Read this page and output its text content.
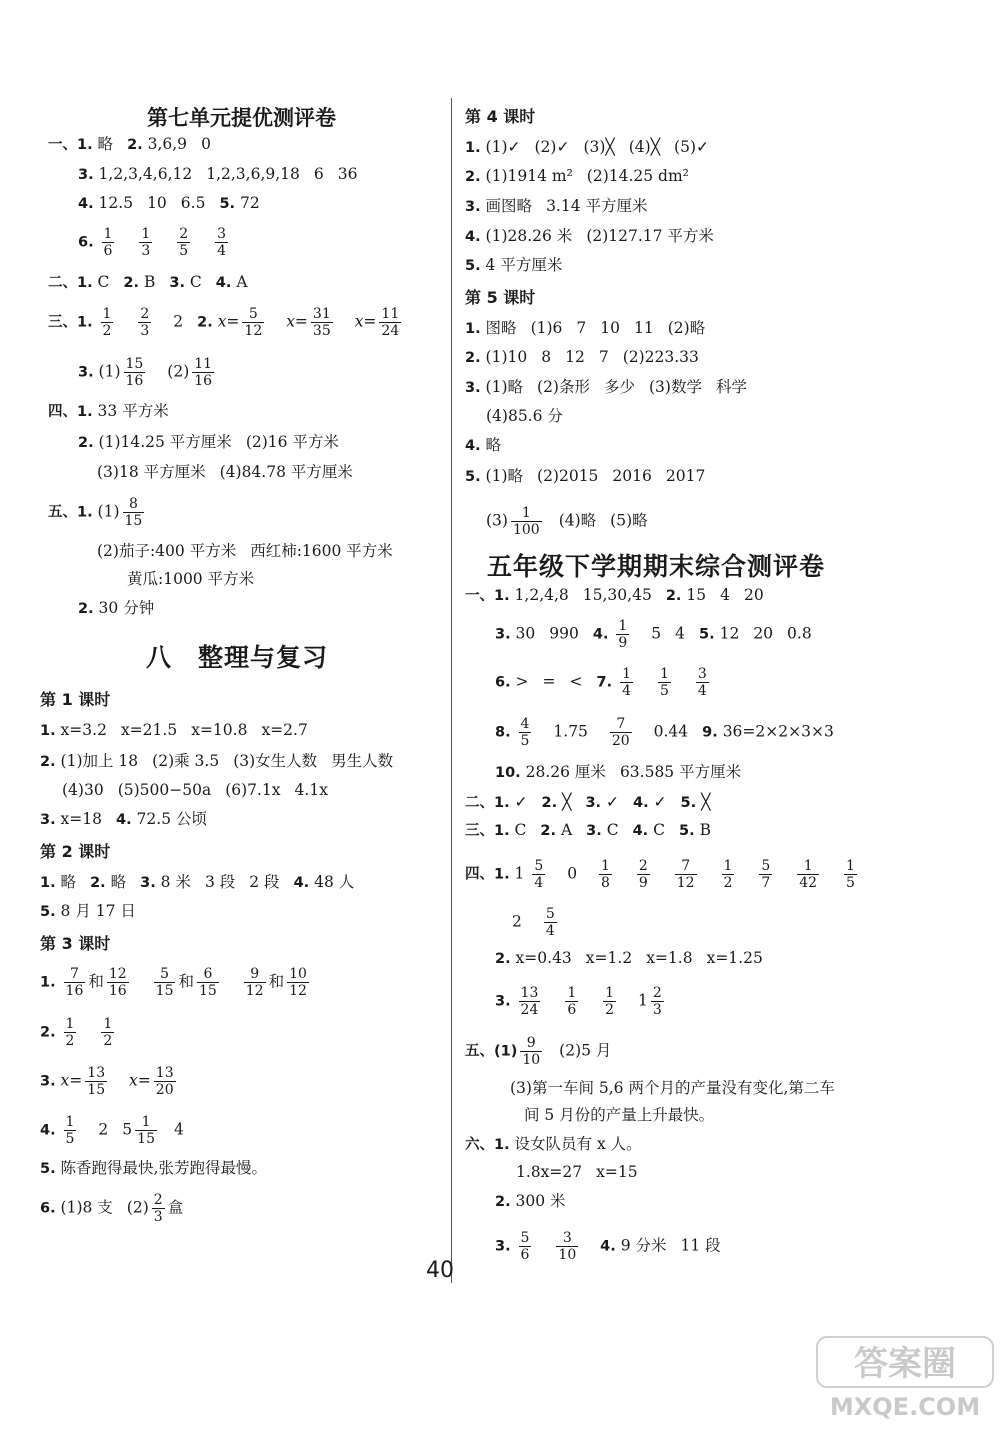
第七单元提优测评卷
一、1. 略 2. 3,6,9 0
3. 1,2,3,4,6,12 1,2,3,6,9,18 6 36
4. 12.5 10 6.5 5. 72
6. $\frac{1}{6}$
$\frac{1}{3}$
$\frac{2}{5}$
$\frac{3}{4}$
二、1. C 2. B 3. C 4. A
三、1. $\frac{1}{2}$
$\frac{2}{3} 2$ 2. $x= \frac{5}{12} x= \frac{31}{35} x= \frac{11}{24}$
3. $(1) \frac{15}{16} (2) \frac{11}{16}$
四、1. 33 平方米
2. (1)14.25 平方厘米 (2)16 平方米
(3)18 平方厘米 (4)84.78 平方厘米
五、1. $(1) \frac{8}{15}$
(2)茄子:400 平方米 西红柿:1600 平方米
黄瓜:1000 平方米
2. 30 分钟
八　整理与复习
第 1 课时
1. x=3.2 x=21.5 x=10.8 x=2.7
2. (1)加上 18 (2)乘 3.5 (3)女生人数 男生人数
(4)30 (5)500−50a (6)7.1x 4.1x
3. x=18 4. 72.5 公顷
第 2 课时
1. 略 2. 略 3. 8 米 3 段 2 段 4. 48 人
5. 8 月 17 日
第 3 课时
1. $\frac{7}{16}$ 和 $\frac{12}{16}$
$\frac{5}{15}$ 和 $\frac{6}{15}$
$\frac{9}{12}$ 和 $\frac{10}{12}$
2. $\frac{1}{2}$
$\frac{1}{2}$
3. $x= \frac{13}{15} x= \frac{13}{20}$
4. $\frac{1}{5} 2$ $5 \frac{1}{15} 4$
5. 陈香跑得最快,张芳跑得最慢。
6. (1)8 支 $(2) \frac{2}{3}$ 盒
第 4 课时
1. (1)✓ (2)✓ (3)╳ (4)╳ (5)✓
2. (1)1914 m² (2)14.25 dm²
3. 画图略 3.14 平方厘米
4. (1)28.26 米 (2)127.17 平方米
5. 4 平方厘米
第 5 课时
1. 图略 (1)6 7 10 11 (2)略
2. (1)10 8 12 7 (2)223.33
3. (1)略 (2)条形 多少 (3)数学 科学
(4)85.6 分
4. 略
5. (1)略 (2)2015 2016 2017
$(3) \frac{1}{100} (4)$略 (5)略
五年级下学期期末综合测评卷
一、1. 1,2,4,8 15,30,45 2. 15 4 20
3. 30 990 4. $\frac{1}{9} 5$ 4 5. 12 20 0.8
6. > = < 7. $\frac{1}{4}$
$\frac{1}{5}$
$\frac{3}{4}$
8. $\frac{4}{5} 1.75 \frac{7}{20} 0.44$ 9. 36=2×2×3×3
10. 28.26 厘米 63.585 平方厘米
二、1. ✓ 2. ╳ 3. ✓ 4. ✓ 5. ╳
三、1. C 2. A 3. C 4. C 5. B
四、1. $1 \frac{5}{4} 0 \frac{1}{8}$
$\frac{2}{9}$
$\frac{7}{12}$
$\frac{1}{2}$
$\frac{5}{7}$
$\frac{1}{42}$
$\frac{1}{5}$
$2 \frac{5}{4}$
2. x=0.43 x=1.2 x=1.8 x=1.25
3. $\frac{13}{24}$
$\frac{1}{6}$
$\frac{1}{2} 1 \frac{2}{3}$
五、$(1) \frac{9}{10} (2)5$ 月
(3)第一车间 5,6 两个月的产量没有变化,第二车
间 5 月份的产量上升最快。
六、1. 设女队员有 x 人。
1.8x=27 x=15
2. 300 米
3. $\frac{5}{6}$
$\frac{3}{10} 4$. 9 分米 11 段
40
答案圈
MXQE.COM
